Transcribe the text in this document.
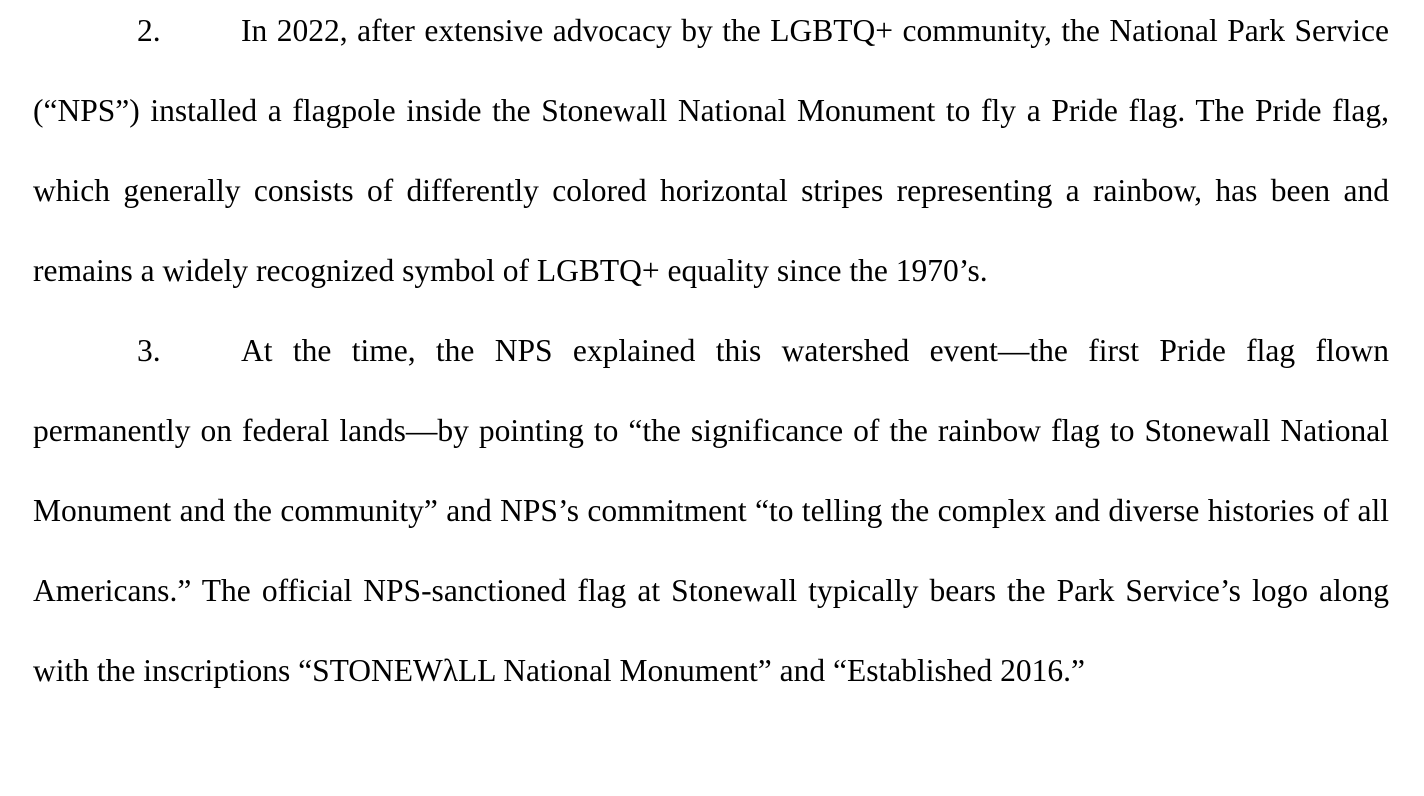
2.	In 2022, after extensive advocacy by the LGBTQ+ community, the National Park Service (“NPS”) installed a flagpole inside the Stonewall National Monument to fly a Pride flag. The Pride flag, which generally consists of differently colored horizontal stripes representing a rainbow, has been and remains a widely recognized symbol of LGBTQ+ equality since the 1970’s.

3.	At the time, the NPS explained this watershed event—the first Pride flag flown permanently on federal lands—by pointing to “the significance of the rainbow flag to Stonewall National Monument and the community” and NPS’s commitment “to telling the complex and diverse histories of all Americans.” The official NPS-sanctioned flag at Stonewall typically bears the Park Service’s logo along with the inscriptions “STONEWλLL National Monument” and “Established 2016.”
